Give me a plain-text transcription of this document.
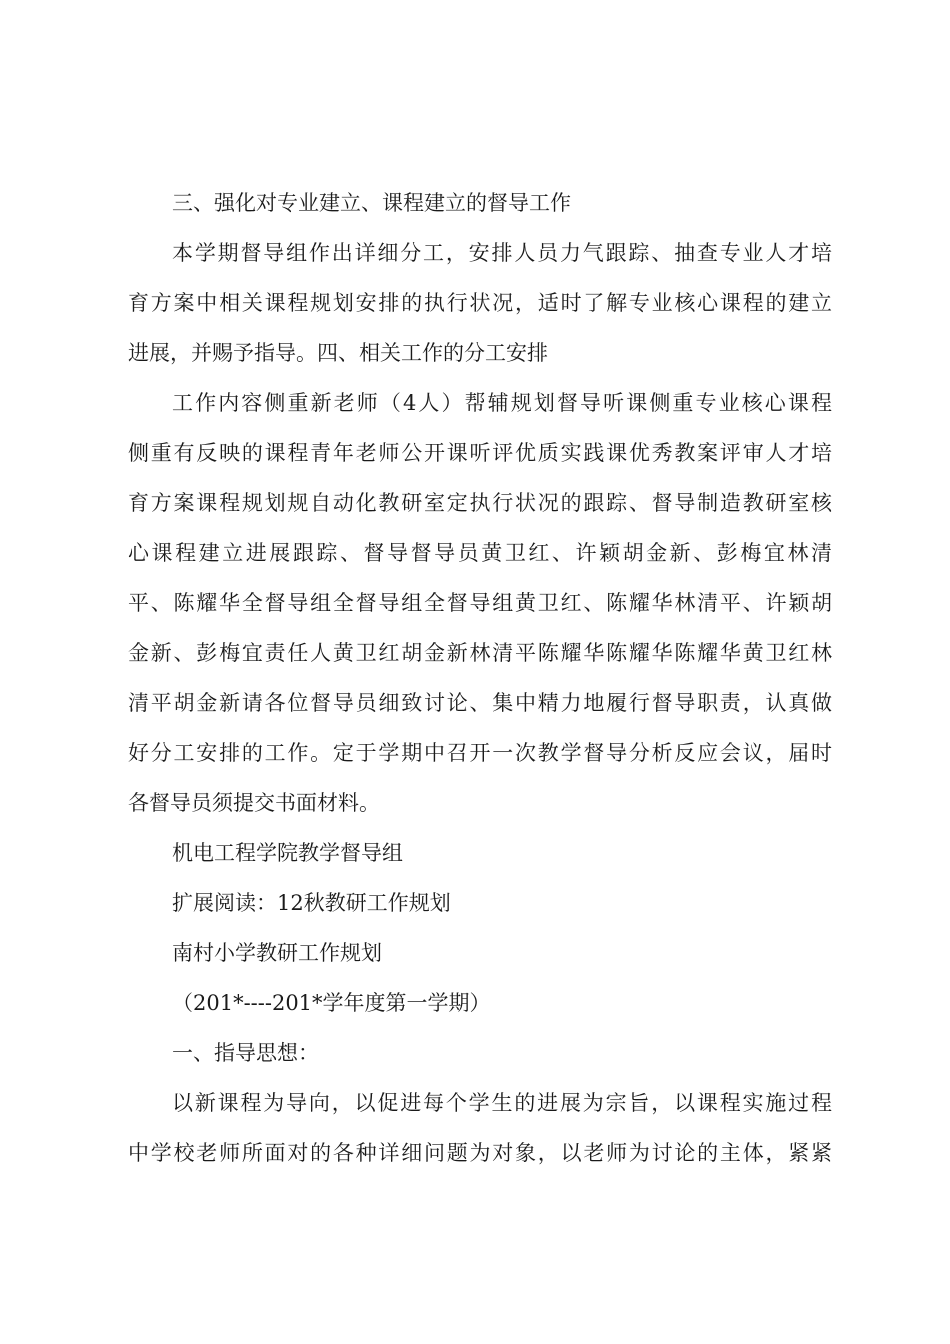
三、强化对专业建立、课程建立的督导工作
本学期督导组作出详细分工，安排人员力气跟踪、抽查专业人才培
育方案中相关课程规划安排的执行状况，适时了解专业核心课程的建立
进展，并赐予指导。四、相关工作的分工安排
工作内容侧重新老师（4人）帮辅规划督导听课侧重专业核心课程
侧重有反映的课程青年老师公开课听评优质实践课优秀教案评审人才培
育方案课程规划规自动化教研室定执行状况的跟踪、督导制造教研室核
心课程建立进展跟踪、督导督导员黄卫红、许颖胡金新、彭梅宜林清
平、陈耀华全督导组全督导组全督导组黄卫红、陈耀华林清平、许颖胡
金新、彭梅宜责任人黄卫红胡金新林清平陈耀华陈耀华陈耀华黄卫红林
清平胡金新请各位督导员细致讨论、集中精力地履行督导职责，认真做
好分工安排的工作。定于学期中召开一次教学督导分析反应会议，届时
各督导员须提交书面材料。
机电工程学院教学督导组
扩展阅读：12秋教研工作规划
南村小学教研工作规划
（201*----201*学年度第一学期）
一、指导思想：
以新课程为导向，以促进每个学生的进展为宗旨，以课程实施过程
中学校老师所面对的各种详细问题为对象，以老师为讨论的主体，紧紧
